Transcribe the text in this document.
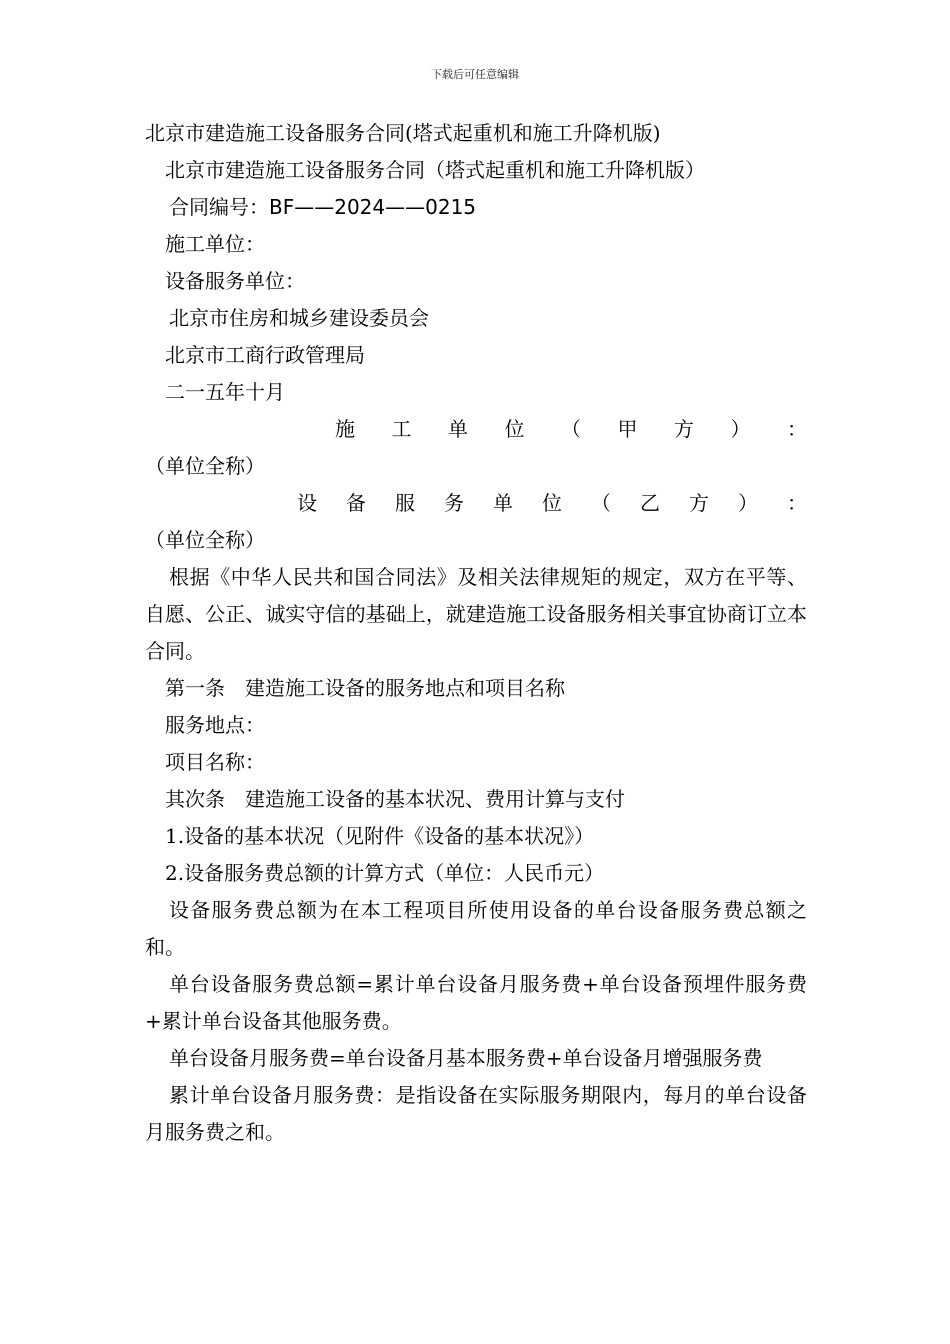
下载后可任意编辑
北京市建造施工设备服务合同(塔式起重机和施工升降机版)
北京市建造施工设备服务合同（塔式起重机和施工升降机版）
合同编号：BF——2024——0215
施工单位：
设备服务单位：
北京市住房和城乡建设委员会
北京市工商行政管理局
二一五年十月
施 工 单 位 （ 甲 方 ） ：
（单位全称）
设 备 服 务 单 位 （ 乙 方 ） ：
（单位全称）
根据《中华人民共和国合同法》及相关法律规矩的规定，双方在平等、自愿、公正、诚实守信的基础上，就建造施工设备服务相关事宜协商订立本合同。
第一条　建造施工设备的服务地点和项目名称
服务地点：
项目名称：
其次条　建造施工设备的基本状况、费用计算与支付
1.设备的基本状况（见附件《设备的基本状况》）
2.设备服务费总额的计算方式（单位：人民币元）
设备服务费总额为在本工程项目所使用设备的单台设备服务费总额之和。
单台设备服务费总额=累计单台设备月服务费+单台设备预埋件服务费+累计单台设备其他服务费。
单台设备月服务费=单台设备月基本服务费+单台设备月增强服务费
累计单台设备月服务费：是指设备在实际服务期限内，每月的单台设备月服务费之和。
